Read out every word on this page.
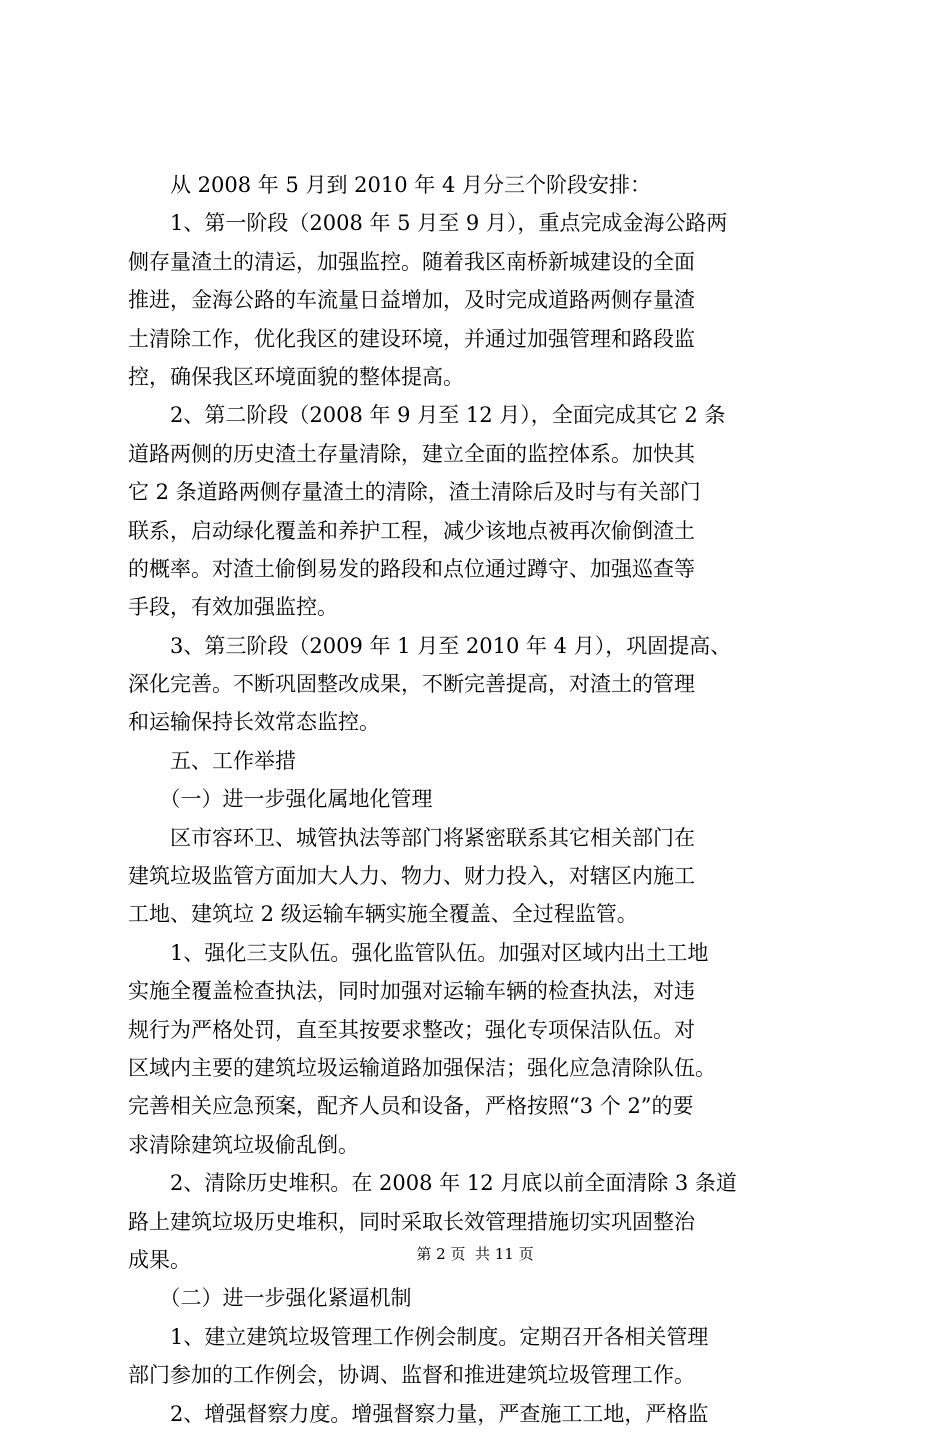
　　从 2008 年 5 月到 2010 年 4 月分三个阶段安排：
　　1、第一阶段（2008 年 5 月至 9 月），重点完成金海公路两
侧存量渣土的清运，加强监控。随着我区南桥新城建设的全面
推进，金海公路的车流量日益增加，及时完成道路两侧存量渣
土清除工作，优化我区的建设环境，并通过加强管理和路段监
控，确保我区环境面貌的整体提高。
　　2、第二阶段（2008 年 9 月至 12 月），全面完成其它 2 条
道路两侧的历史渣土存量清除，建立全面的监控体系。加快其
它 2 条道路两侧存量渣土的清除，渣土清除后及时与有关部门
联系，启动绿化覆盖和养护工程，减少该地点被再次偷倒渣土
的概率。对渣土偷倒易发的路段和点位通过蹲守、加强巡查等
手段，有效加强监控。
　　3、第三阶段（2009 年 1 月至 2010 年 4 月），巩固提高、
深化完善。不断巩固整改成果，不断完善提高，对渣土的管理
和运输保持长效常态监控。
　　五、工作举措
　　（一）进一步强化属地化管理
　　区市容环卫、城管执法等部门将紧密联系其它相关部门在
建筑垃圾监管方面加大人力、物力、财力投入，对辖区内施工
工地、建筑垃 2 级运输车辆实施全覆盖、全过程监管。
　　1、强化三支队伍。强化监管队伍。加强对区域内出土工地
实施全覆盖检查执法，同时加强对运输车辆的检查执法，对违
规行为严格处罚，直至其按要求整改；强化专项保洁队伍。对
区域内主要的建筑垃圾运输道路加强保洁；强化应急清除队伍。
完善相关应急预案，配齐人员和设备，严格按照“3 个 2”的要
求清除建筑垃圾偷乱倒。
　　2、清除历史堆积。在 2008 年 12 月底以前全面清除 3 条道
路上建筑垃圾历史堆积，同时采取长效管理措施切实巩固整治
成果。
　　（二）进一步强化紧逼机制
　　1、建立建筑垃圾管理工作例会制度。定期召开各相关管理
部门参加的工作例会，协调、监督和推进建筑垃圾管理工作。
　　2、增强督察力度。增强督察力量，严查施工工地，严格监
第 2 页  共 11 页
